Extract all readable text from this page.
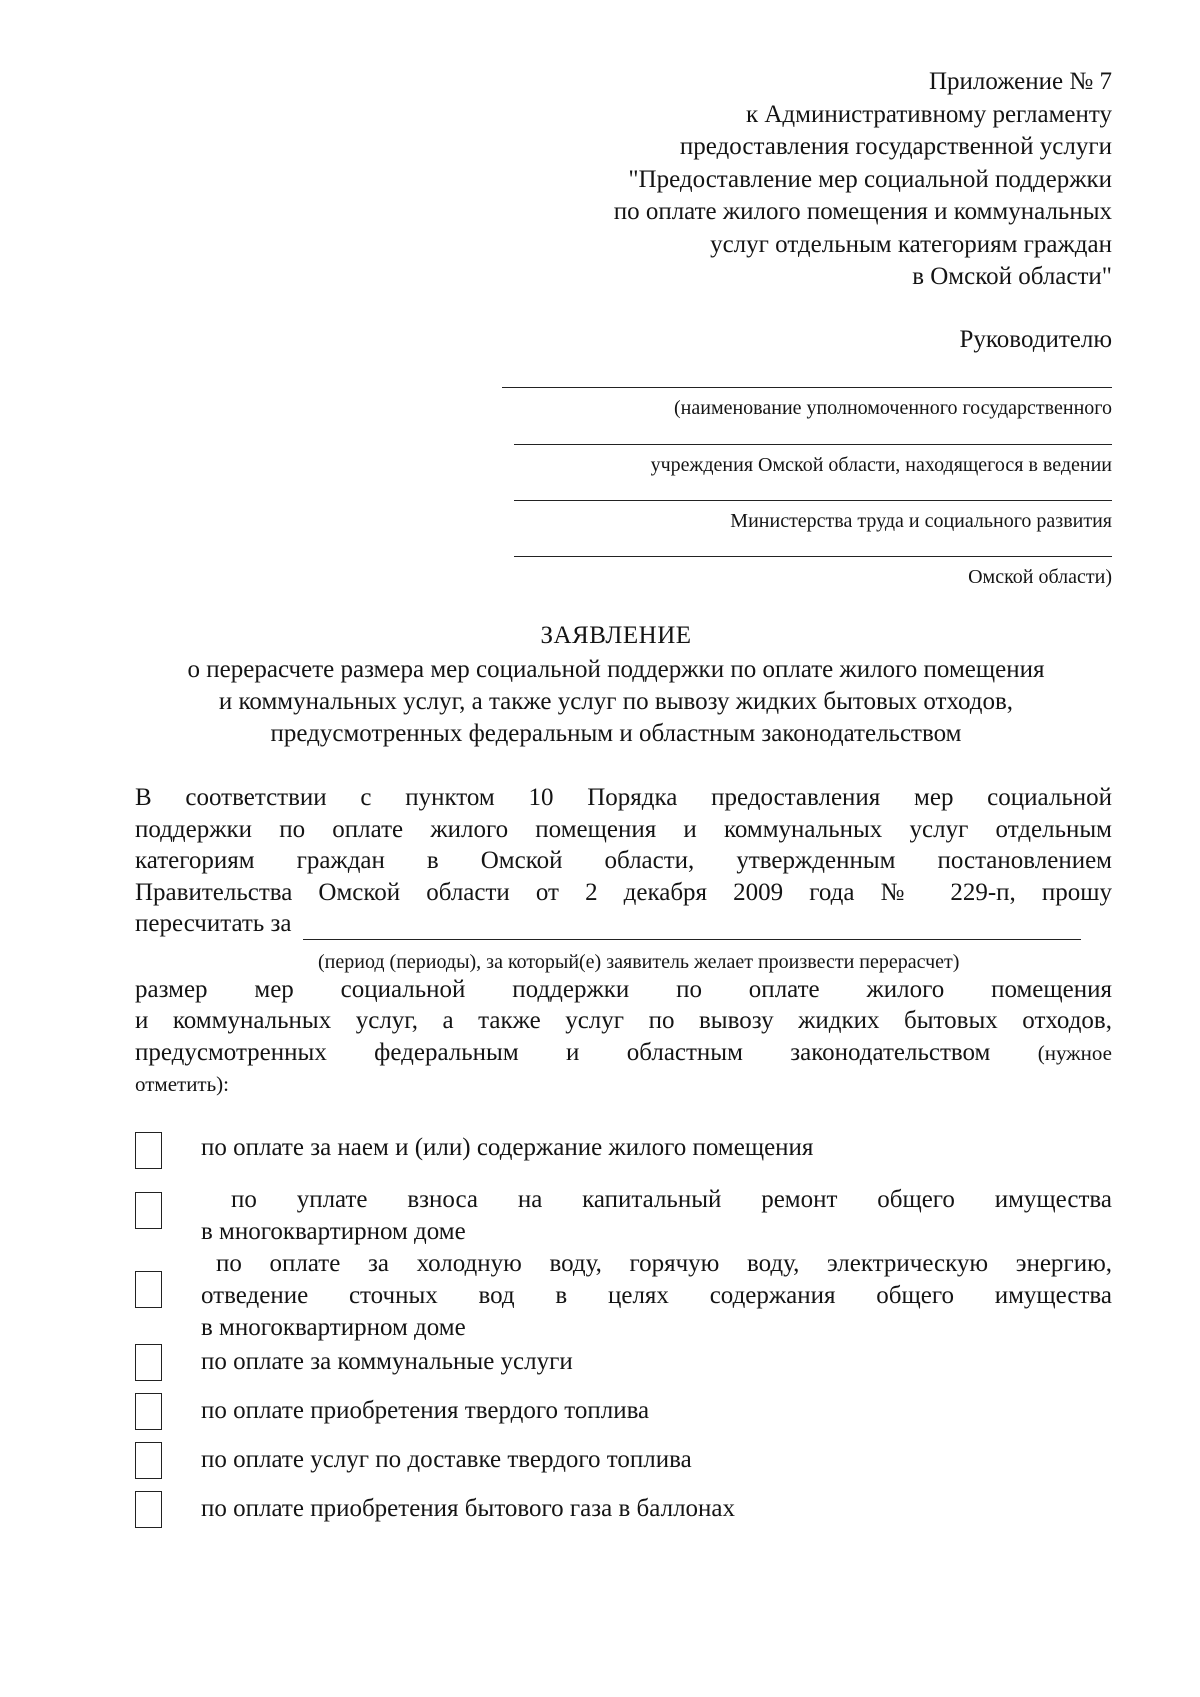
Приложение № 7
к Административному регламенту
предоставления государственной услуги
"Предоставление мер социальной поддержки
по оплате жилого помещения и коммунальных
услуг отдельным категориям граждан
в Омской области"
Руководителю
(наименование уполномоченного государственного
учреждения Омской области, находящегося в ведении
Министерства труда и социального развития
Омской области)
ЗАЯВЛЕНИЕ
о перерасчете размера мер социальной поддержки по оплате жилого помещения
и коммунальных услуг, а также услуг по вывозу жидких бытовых отходов,
предусмотренных федеральным и областным законодательством
В соответствии с пунктом 10 Порядка предоставления мер социальной
поддержки по оплате жилого помещения и коммунальных услуг отдельным
категориям граждан в Омской области, утвержденным постановлением
Правительства Омской области от 2 декабря 2009 года № 229-п, прошу
пересчитать за
(период (периоды), за который(е) заявитель желает произвести перерасчет)
размер мер социальной поддержки по оплате жилого помещения
и коммунальных услуг, а также услуг по вывозу жидких бытовых отходов,
предусмотренных федеральным и областным законодательством (нужное
отметить):
по оплате за наем и (или) содержание жилого помещения
по уплате взноса на капитальный ремонт общего имущества
в многоквартирном доме
по оплате за холодную воду, горячую воду, электрическую энергию,
отведение сточных вод в целях содержания общего имущества
в многоквартирном доме
по оплате за коммунальные услуги
по оплате приобретения твердого топлива
по оплате услуг по доставке твердого топлива
по оплате приобретения бытового газа в баллонах
